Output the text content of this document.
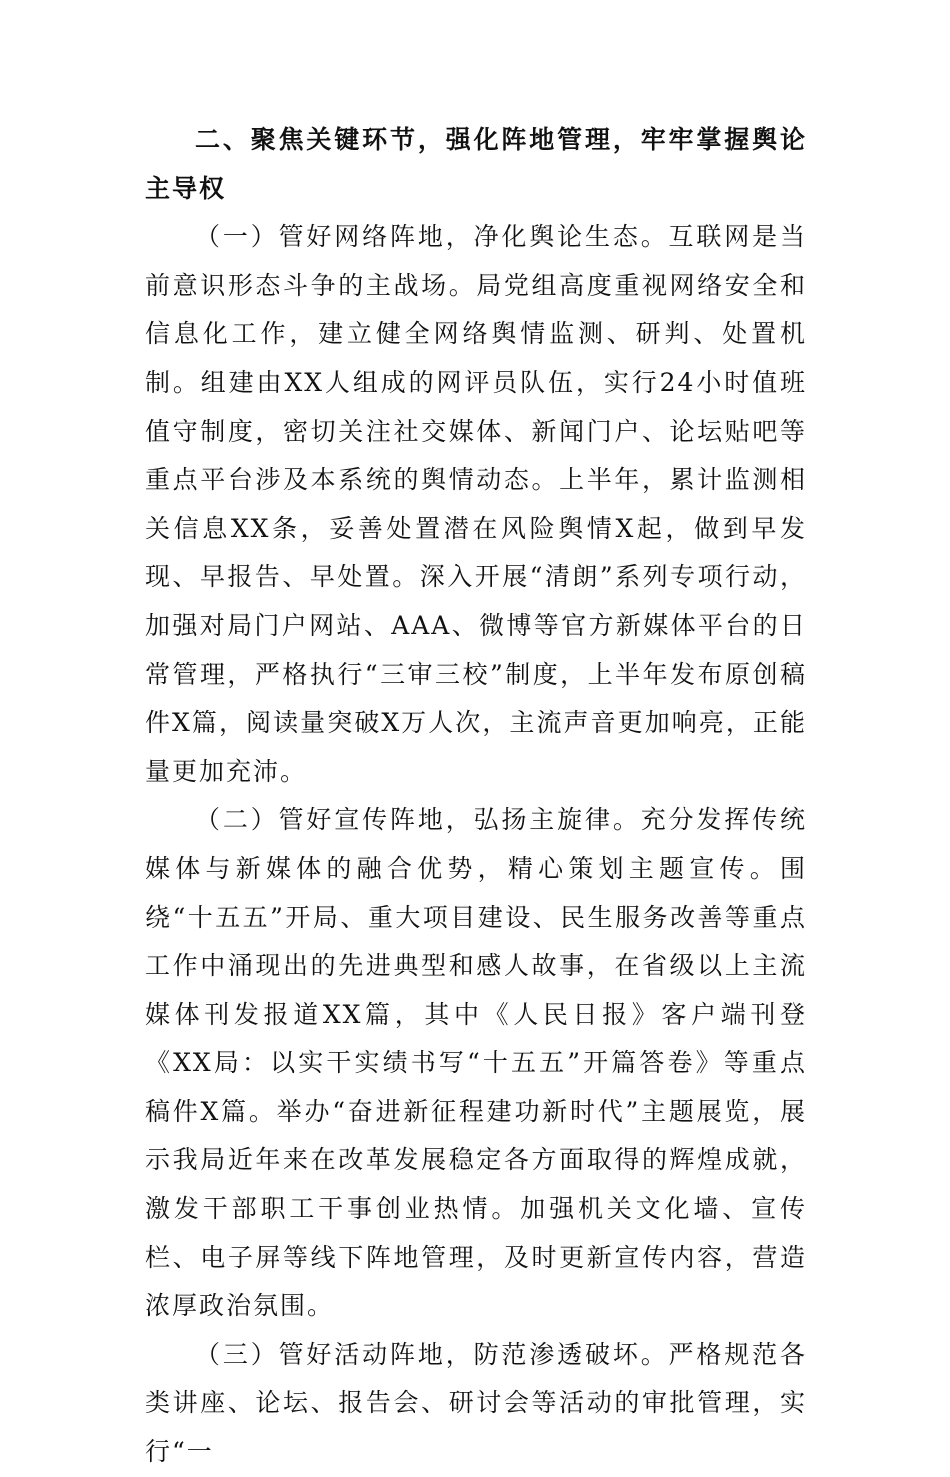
二、聚焦关键环节，强化阵地管理，牢牢掌握舆论主导权

（一）管好网络阵地，净化舆论生态。互联网是当前意识形态斗争的主战场。局党组高度重视网络安全和信息化工作，建立健全网络舆情监测、研判、处置机制。组建由XX人组成的网评员队伍，实行24小时值班值守制度，密切关注社交媒体、新闻门户、论坛贴吧等重点平台涉及本系统的舆情动态。上半年，累计监测相关信息XX条，妥善处置潜在风险舆情X起，做到早发现、早报告、早处置。深入开展“清朗”系列专项行动，加强对局门户网站、AAA、微博等官方新媒体平台的日常管理，严格执行“三审三校”制度，上半年发布原创稿件X篇，阅读量突破X万人次，主流声音更加响亮，正能量更加充沛。

（二）管好宣传阵地，弘扬主旋律。充分发挥传统媒体与新媒体的融合优势，精心策划主题宣传。围绕“十五五”开局、重大项目建设、民生服务改善等重点工作中涌现出的先进典型和感人故事，在省级以上主流媒体刊发报道XX篇，其中《人民日报》客户端刊登《XX局：以实干实绩书写“十五五”开篇答卷》等重点稿件X篇。举办“奋进新征程建功新时代”主题展览，展示我局近年来在改革发展稳定各方面取得的辉煌成就，激发干部职工干事创业热情。加强机关文化墙、宣传栏、电子屏等线下阵地管理，及时更新宣传内容，营造浓厚政治氛围。

（三）管好活动阵地，防范渗透破坏。严格规范各类讲座、论坛、报告会、研讨会等活动的审批管理，实行“一
